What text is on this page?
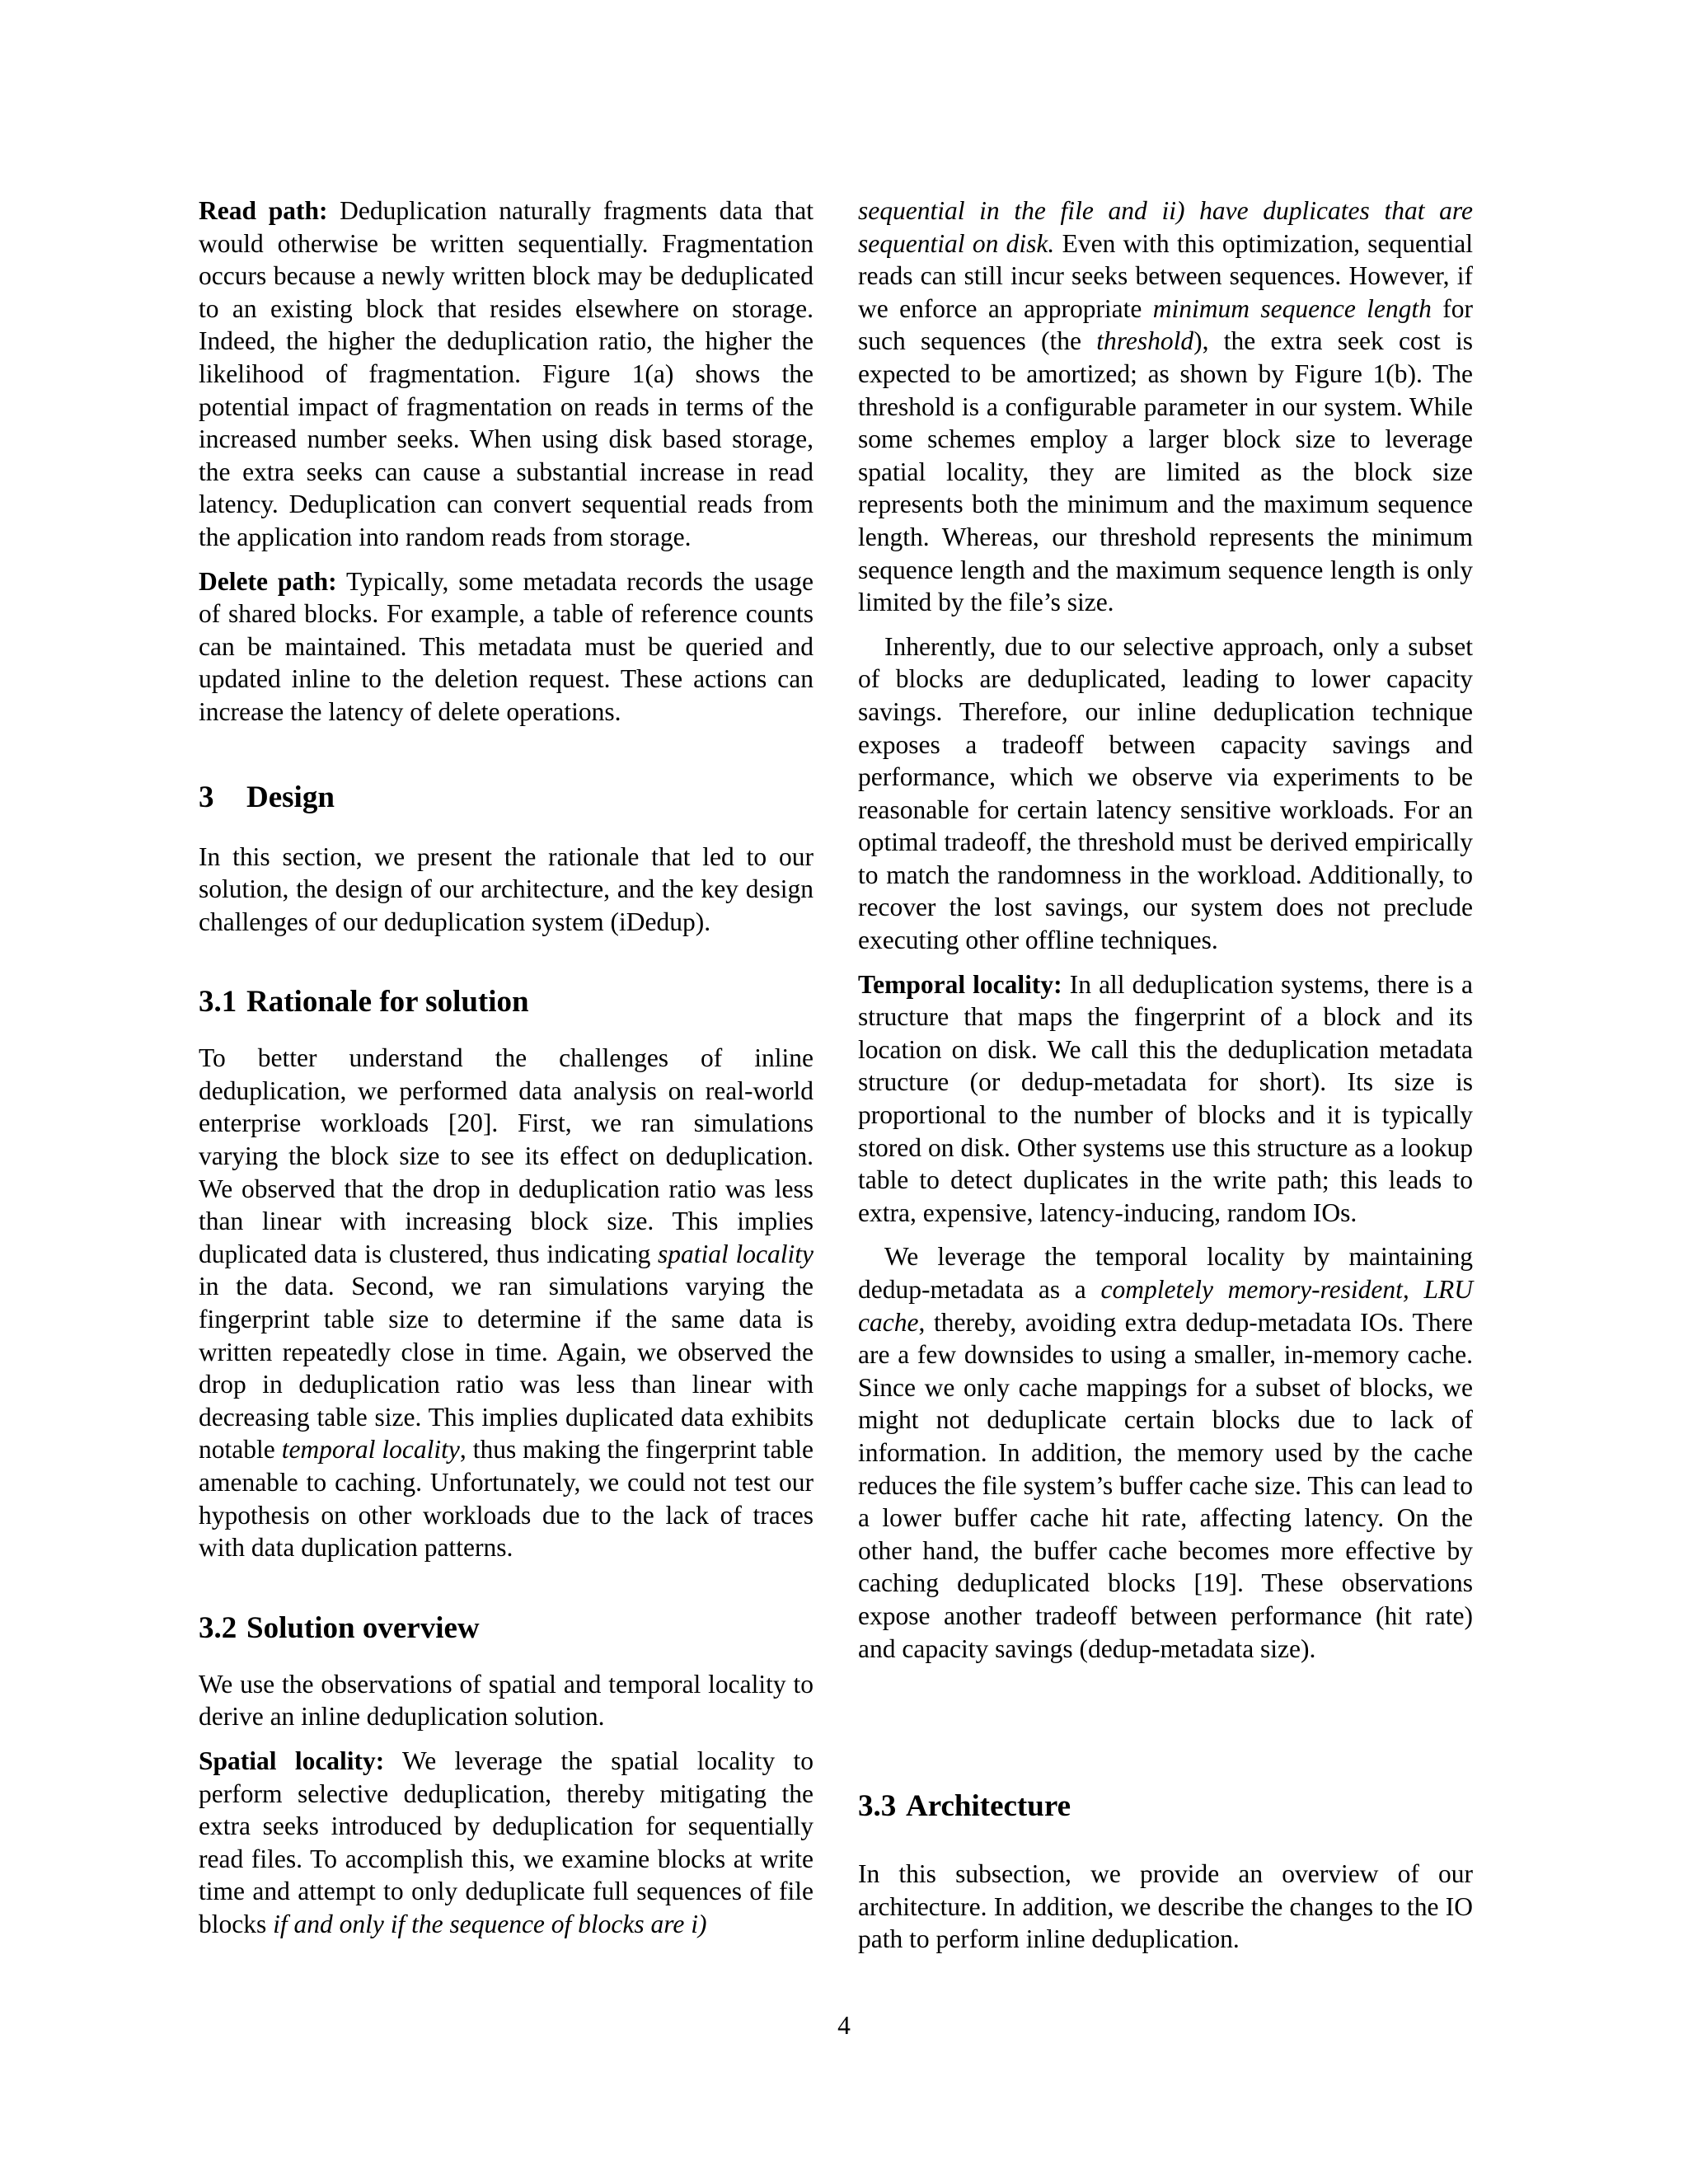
Read path: Deduplication naturally fragments data that would otherwise be written sequentially. Fragmentation occurs because a newly written block may be deduplicated to an existing block that resides elsewhere on storage. Indeed, the higher the deduplication ratio, the higher the likelihood of fragmentation. Figure 1(a) shows the potential impact of fragmentation on reads in terms of the increased number seeks. When using disk based storage, the extra seeks can cause a substantial increase in read latency. Deduplication can convert sequential reads from the application into random reads from storage.

Delete path: Typically, some metadata records the usage of shared blocks. For example, a table of reference counts can be maintained. This metadata must be queried and updated inline to the deletion request. These actions can increase the latency of delete operations.

3 Design

In this section, we present the rationale that led to our solution, the design of our architecture, and the key design challenges of our deduplication system (iDedup).

3.1 Rationale for solution

To better understand the challenges of inline deduplication, we performed data analysis on real-world enterprise workloads [20]. First, we ran simulations varying the block size to see its effect on deduplication. We observed that the drop in deduplication ratio was less than linear with increasing block size. This implies duplicated data is clustered, thus indicating spatial locality in the data. Second, we ran simulations varying the fingerprint table size to determine if the same data is written repeatedly close in time. Again, we observed the drop in deduplication ratio was less than linear with decreasing table size. This implies duplicated data exhibits notable temporal locality, thus making the fingerprint table amenable to caching. Unfortunately, we could not test our hypothesis on other workloads due to the lack of traces with data duplication patterns.

3.2 Solution overview

We use the observations of spatial and temporal locality to derive an inline deduplication solution.

Spatial locality: We leverage the spatial locality to perform selective deduplication, thereby mitigating the extra seeks introduced by deduplication for sequentially read files. To accomplish this, we examine blocks at write time and attempt to only deduplicate full sequences of file blocks if and only if the sequence of blocks are i)

sequential in the file and ii) have duplicates that are sequential on disk. Even with this optimization, sequential reads can still incur seeks between sequences. However, if we enforce an appropriate minimum sequence length for such sequences (the threshold), the extra seek cost is expected to be amortized; as shown by Figure 1(b). The threshold is a configurable parameter in our system. While some schemes employ a larger block size to leverage spatial locality, they are limited as the block size represents both the minimum and the maximum sequence length. Whereas, our threshold represents the minimum sequence length and the maximum sequence length is only limited by the file’s size.

Inherently, due to our selective approach, only a subset of blocks are deduplicated, leading to lower capacity savings. Therefore, our inline deduplication technique exposes a tradeoff between capacity savings and performance, which we observe via experiments to be reasonable for certain latency sensitive workloads. For an optimal tradeoff, the threshold must be derived empirically to match the randomness in the workload. Additionally, to recover the lost savings, our system does not preclude executing other offline techniques.

Temporal locality: In all deduplication systems, there is a structure that maps the fingerprint of a block and its location on disk. We call this the deduplication metadata structure (or dedup-metadata for short). Its size is proportional to the number of blocks and it is typically stored on disk. Other systems use this structure as a lookup table to detect duplicates in the write path; this leads to extra, expensive, latency-inducing, random IOs.

We leverage the temporal locality by maintaining dedup-metadata as a completely memory-resident, LRU cache, thereby, avoiding extra dedup-metadata IOs. There are a few downsides to using a smaller, in-memory cache. Since we only cache mappings for a subset of blocks, we might not deduplicate certain blocks due to lack of information. In addition, the memory used by the cache reduces the file system’s buffer cache size. This can lead to a lower buffer cache hit rate, affecting latency. On the other hand, the buffer cache becomes more effective by caching deduplicated blocks [19]. These observations expose another tradeoff between performance (hit rate) and capacity savings (dedup-metadata size).

3.3 Architecture

In this subsection, we provide an overview of our architecture. In addition, we describe the changes to the IO path to perform inline deduplication.

4
